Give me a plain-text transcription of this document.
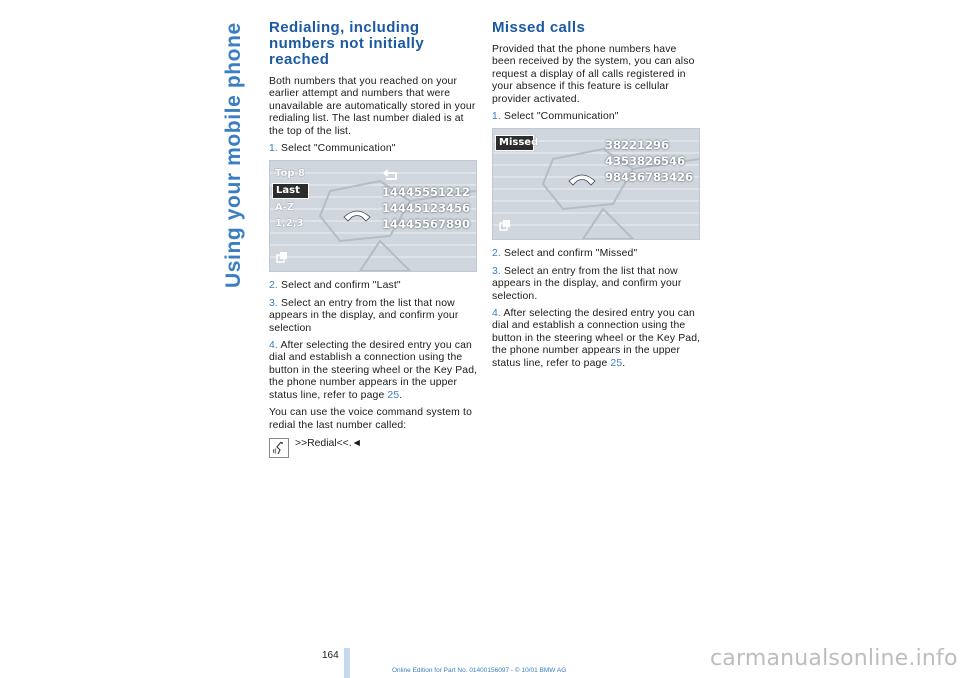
Using your mobile phone	Redialing, including numbers not initially reached

Both numbers that you reached on your earlier attempt and numbers that were unavailable are automatically stored in your redialing list. The last number dialed is at the top of the list.

1. Select "Communication"

Top 8
Last
A-Z
1,2,3
14445551212
14445123456
14445567890

2. Select and confirm "Last"

3. Select an entry from the list that now appears in the display, and confirm your selection

4. After selecting the desired entry you can dial and establish a connection using the button in the steering wheel or the Key Pad, the phone number appears in the upper status line, refer to page 25.

You can use the voice command system to redial the last number called:

>>Redial<<.◄
Missed calls

Provided that the phone numbers have been received by the system, you can also request a display of all calls registered in your absence if this feature is cellular provider activated.

1. Select "Communication"

Missed	38221296
4353826546
98436783426

2. Select and confirm "Missed"

3. Select an entry from the list that now appears in the display, and confirm your selection.

4. After selecting the desired entry you can dial and establish a connection using the button in the steering wheel or the Key Pad, the phone number appears in the upper status line, refer to page 25.

164
Online Edition for Part No. 01400156097 - © 10/01 BMW AG	carmanualsonline.info
